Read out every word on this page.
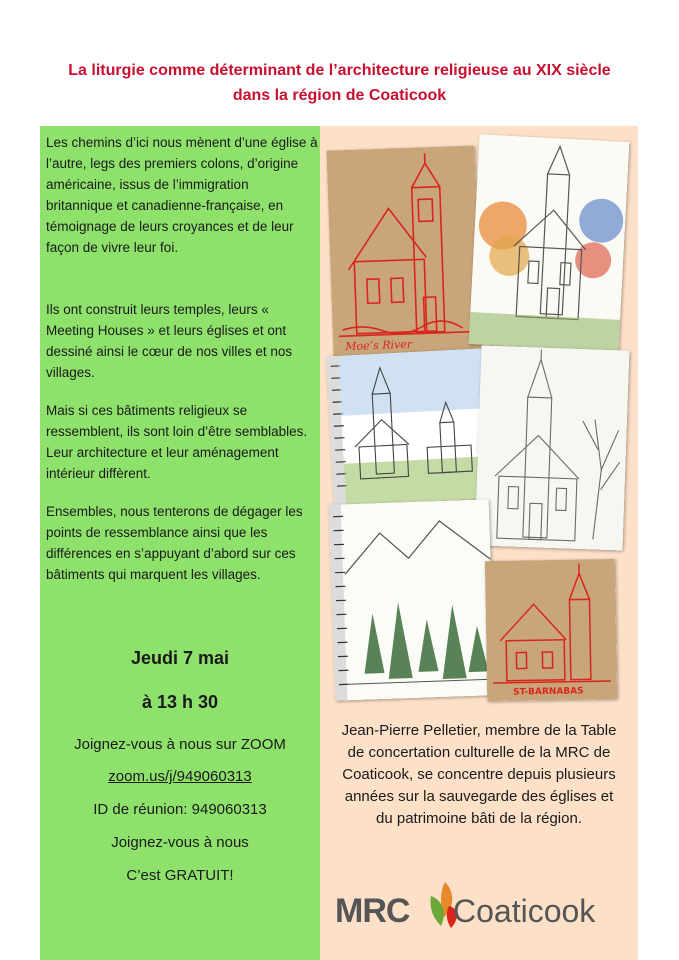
La liturgie comme déterminant de l’architecture religieuse au XIX siècle
dans la région de Coaticook

Les chemins d’ici nous mènent d’une église à l’autre, legs des premiers colons, d’origine américaine, issus de l’immigration britannique et canadienne-française, en témoignage de leurs croyances et de leur façon de vivre leur foi.

Ils ont construit leurs temples, leurs « Meeting Houses » et leurs églises et ont dessiné ainsi le cœur de nos villes et nos villages.

Mais si ces bâtiments religieux se ressemblent, ils sont loin d’être semblables. Leur architecture et leur aménagement intérieur diffèrent.

Ensembles, nous tenterons de dégager les points de ressemblance ainsi que les différences en s’appuyant d’abord sur ces bâtiments qui marquent les villages.

Jeudi 7 mai
à 13 h 30
Joignez-vous à nous sur ZOOM
zoom.us/j/949060313
ID de réunion: 949060313
Joignez-vous à nous
C’est GRATUIT!
Moe’s River
ST-BARNABAS
Jean-Pierre Pelletier, membre de la Table de concertation culturelle de la MRC de Coaticook, se concentre depuis plusieurs années sur la sauvegarde des églises et du patrimoine bâti de la région.
MRC Coaticook
